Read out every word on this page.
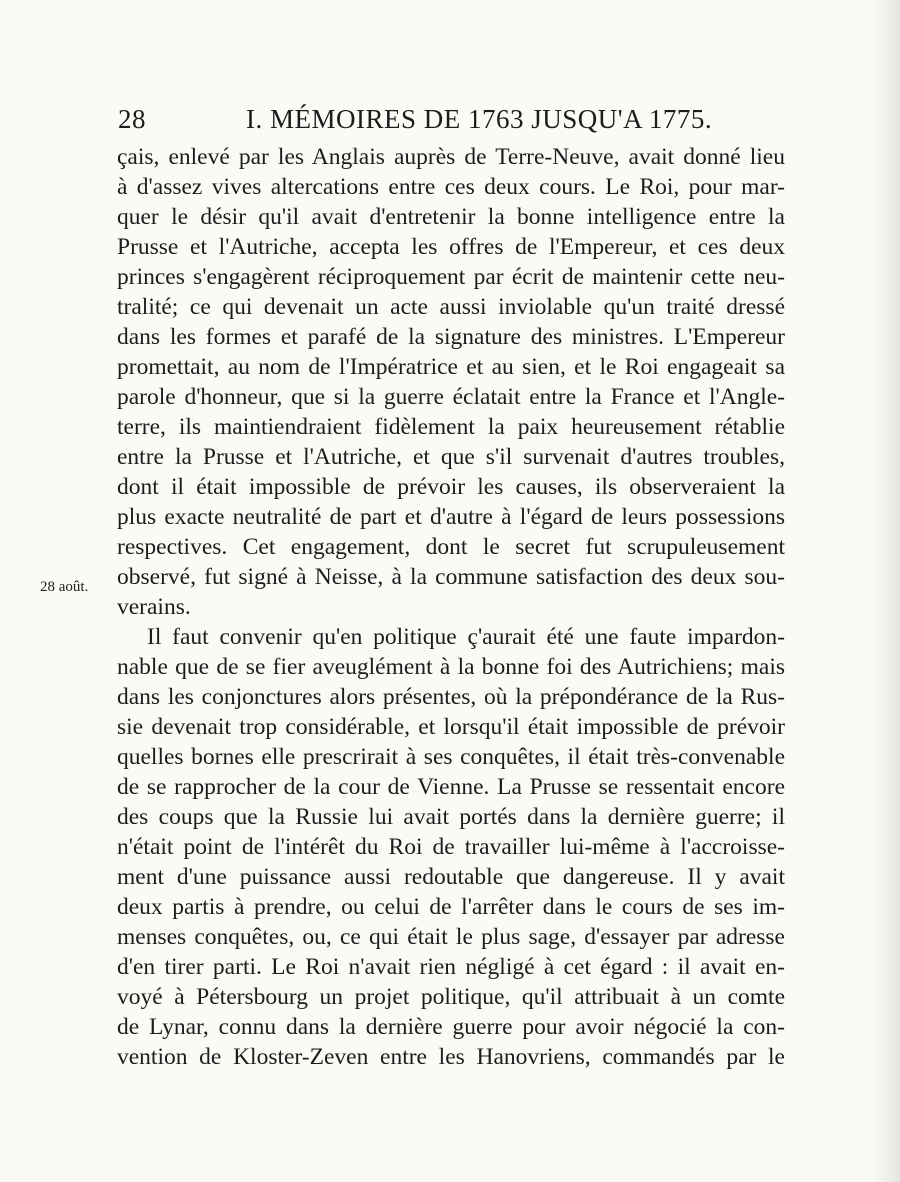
28	I. MÉMOIRES DE 1763 JUSQU'A 1775.
28 août.
çais, enlevé par les Anglais auprès de Terre-Neuve, avait donné lieu
à d'assez vives altercations entre ces deux cours. Le Roi, pour mar-
quer le désir qu'il avait d'entretenir la bonne intelligence entre la
Prusse et l'Autriche, accepta les offres de l'Empereur, et ces deux
princes s'engagèrent réciproquement par écrit de maintenir cette neu-
tralité; ce qui devenait un acte aussi inviolable qu'un traité dressé
dans les formes et parafé de la signature des ministres. L'Empereur
promettait, au nom de l'Impératrice et au sien, et le Roi engageait sa
parole d'honneur, que si la guerre éclatait entre la France et l'Angle-
terre, ils maintiendraient fidèlement la paix heureusement rétablie
entre la Prusse et l'Autriche, et que s'il survenait d'autres troubles,
dont il était impossible de prévoir les causes, ils observeraient la
plus exacte neutralité de part et d'autre à l'égard de leurs possessions
respectives. Cet engagement, dont le secret fut scrupuleusement
observé, fut signé à Neisse, à la commune satisfaction des deux sou-
verains.
Il faut convenir qu'en politique ç'aurait été une faute impardon-
nable que de se fier aveuglément à la bonne foi des Autrichiens; mais
dans les conjonctures alors présentes, où la prépondérance de la Rus-
sie devenait trop considérable, et lorsqu'il était impossible de prévoir
quelles bornes elle prescrirait à ses conquêtes, il était très-convenable
de se rapprocher de la cour de Vienne. La Prusse se ressentait encore
des coups que la Russie lui avait portés dans la dernière guerre; il
n'était point de l'intérêt du Roi de travailler lui-même à l'accroisse-
ment d'une puissance aussi redoutable que dangereuse. Il y avait
deux partis à prendre, ou celui de l'arrêter dans le cours de ses im-
menses conquêtes, ou, ce qui était le plus sage, d'essayer par adresse
d'en tirer parti. Le Roi n'avait rien négligé à cet égard : il avait en-
voyé à Pétersbourg un projet politique, qu'il attribuait à un comte
de Lynar, connu dans la dernière guerre pour avoir négocié la con-
vention de Kloster-Zeven entre les Hanovriens, commandés par le
